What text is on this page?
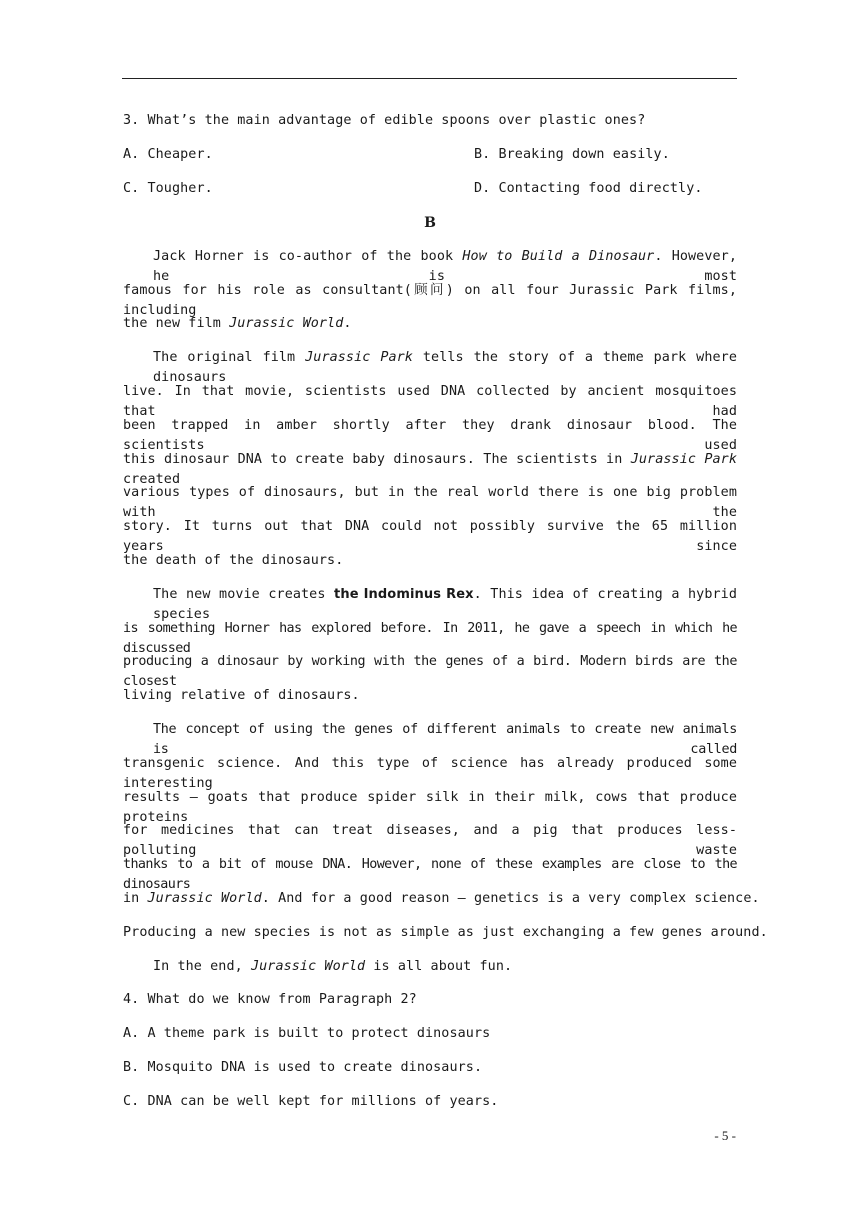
3. What’s the main advantage of edible spoons over plastic ones?
A. Cheaper.	B. Breaking down easily.
C. Tougher.	D. Contacting food directly.
B
Jack Horner is co-author of the book How to Build a Dinosaur. However, he is most
famous for his role as consultant(顾问) on all four Jurassic Park films, including
the new film Jurassic World.
The original film Jurassic Park tells the story of a theme park where dinosaurs
live. In that movie, scientists used DNA collected by ancient mosquitoes that had
been trapped in amber shortly after they drank dinosaur blood. The scientists used
this dinosaur DNA to create baby dinosaurs. The scientists in Jurassic Park created
various types of dinosaurs, but in the real world there is one big problem with the
story. It turns out that DNA could not possibly survive the 65 million years since
the death of the dinosaurs.
The new movie creates the Indominus Rex. This idea of creating a hybrid species
is something Horner has explored before. In 2011, he gave a speech in which he discussed
producing a dinosaur by working with the genes of a bird. Modern birds are the closest
living relative of dinosaurs.
The concept of using the genes of different animals to create new animals is called
transgenic science. And this type of science has already produced some interesting
results — goats that produce spider silk in their milk, cows that produce proteins
for medicines that can treat diseases, and a pig that produces less-polluting waste
thanks to a bit of mouse DNA. However, none of these examples are close to the dinosaurs
in Jurassic World. And for a good reason — genetics is a very complex science.
Producing a new species is not as simple as just exchanging a few genes around.
In the end, Jurassic World is all about fun.
4. What do we know from Paragraph 2?
A. A theme park is built to protect dinosaurs
B. Mosquito DNA is used to create dinosaurs.
C. DNA can be well kept for millions of years.
- 5 -
